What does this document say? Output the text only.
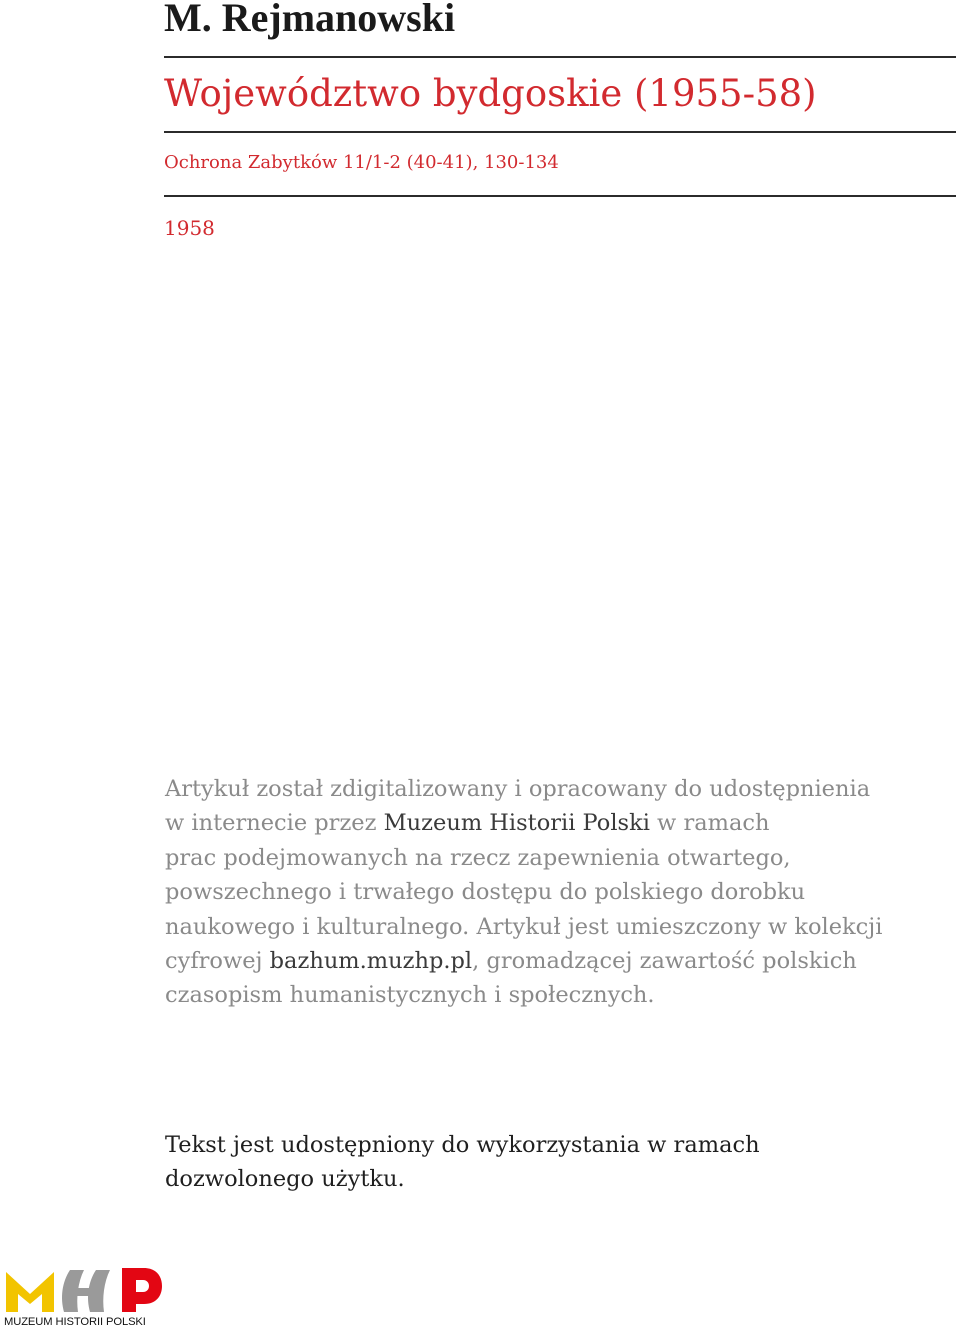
M. Rejmanowski
Województwo bydgoskie (1955-58)
Ochrona Zabytków 11/1-2 (40-41), 130-134
1958
Artykuł został zdigitalizowany i opracowany do udostępnienia
w internecie przez Muzeum Historii Polski w ramach
prac podejmowanych na rzecz zapewnienia otwartego,
powszechnego i trwałego dostępu do polskiego dorobku
naukowego i kulturalnego. Artykuł jest umieszczony w kolekcji
cyfrowej bazhum.muzhp.pl, gromadzącej zawartość polskich
czasopism humanistycznych i społecznych.
Tekst jest udostępniony do wykorzystania w ramach
dozwolonego użytku.
MUZEUM HISTORII POLSKI
